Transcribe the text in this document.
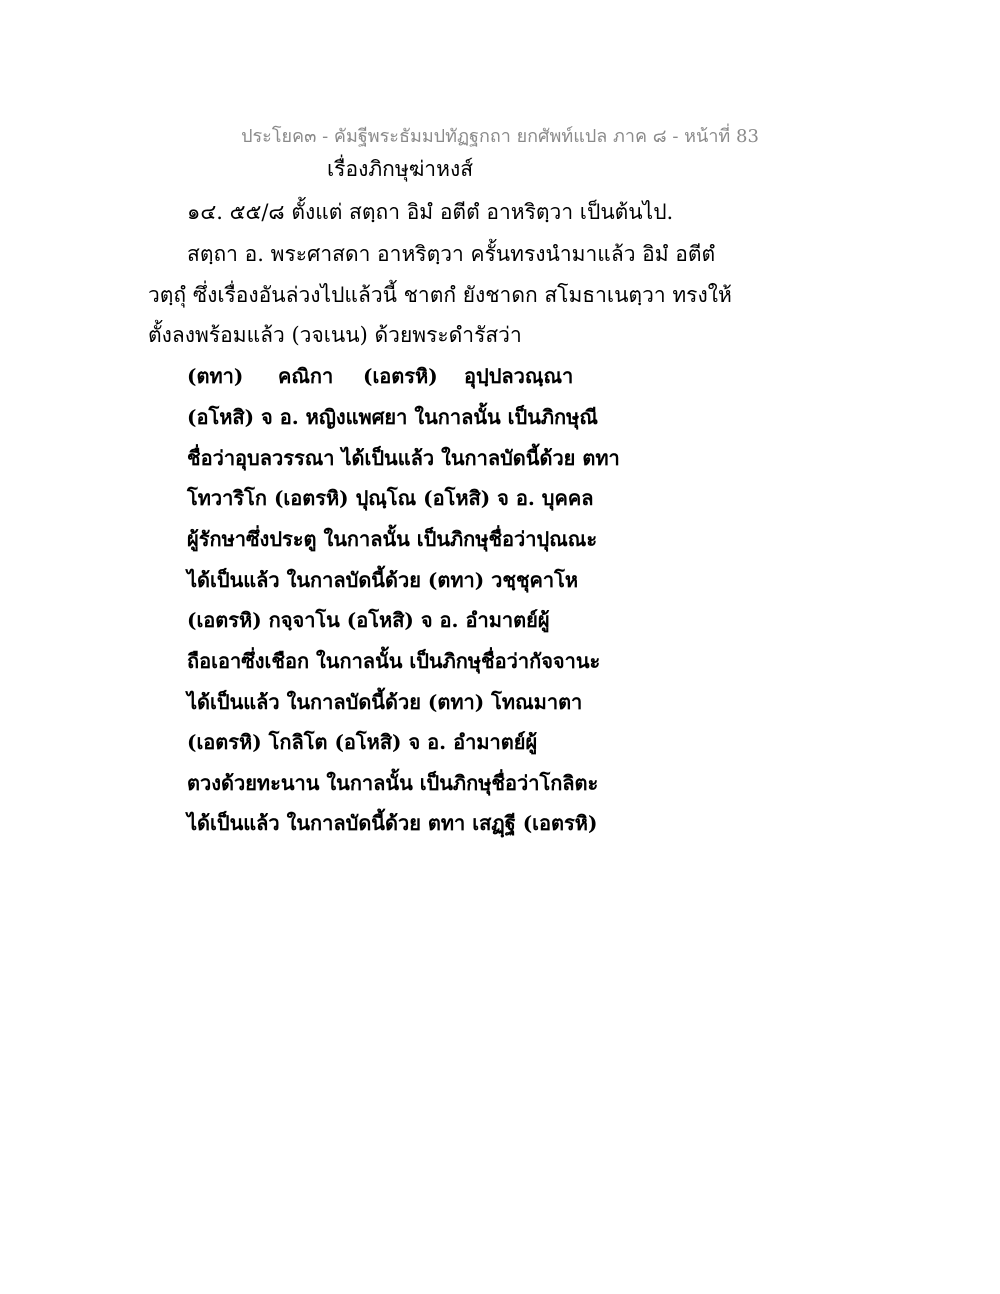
ประโยค๓ - คัมฐีพระธัมมปทัฏฐกถา ยกศัพท์แปล ภาค ๘ - หน้าที่ 83
เรื่องภิกษุฆ่าหงส์
๑๔. ๕๕/๘ ตั้งแต่ สตฺถา อิมํ อตีตํ อาหริตฺวา เป็นต้นไป.
สตฺถา อ. พระศาสดา อาหริตฺวา ครั้นทรงนำมาแล้ว อิมํ อตีตํ
วตฺถุํ ซึ่งเรื่องอันล่วงไปแล้วนี้ ชาตกํ ยังชาดก สโมธาเนตฺวา ทรงให้
ตั้งลงพร้อมแล้ว (วจเนน) ด้วยพระดำรัสว่า
(ตทา) คณิกา (เอตรหิ) อุปฺปลวณฺณา
(อโหสิ) จ อ. หญิงแพศยา ในกาลนั้น เป็นภิกษุณี
ชื่อว่าอุบลวรรณา ได้เป็นแล้ว ในกาลบัดนี้ด้วย ตทา
โทวาริโก (เอตรหิ) ปุณฺโณ (อโหสิ) จ อ. บุคคล
ผู้รักษาซึ่งประตู ในกาลนั้น เป็นภิกษุชื่อว่าปุณณะ
ได้เป็นแล้ว ในกาลบัดนี้ด้วย (ตทา) วชฺชุคาโห
(เอตรหิ) กจฺจาโน (อโหสิ) จ อ. อำมาตย์ผู้
ถือเอาซึ่งเชือก ในกาลนั้น เป็นภิกษุชื่อว่ากัจจานะ
ได้เป็นแล้ว ในกาลบัดนี้ด้วย (ตทา) โทณมาตา
(เอตรหิ) โกลิโต (อโหสิ) จ อ. อำมาตย์ผู้
ตวงด้วยทะนาน ในกาลนั้น เป็นภิกษุชื่อว่าโกลิตะ
ได้เป็นแล้ว ในกาลบัดนี้ด้วย ตทา เสฏฺฐี (เอตรหิ)
